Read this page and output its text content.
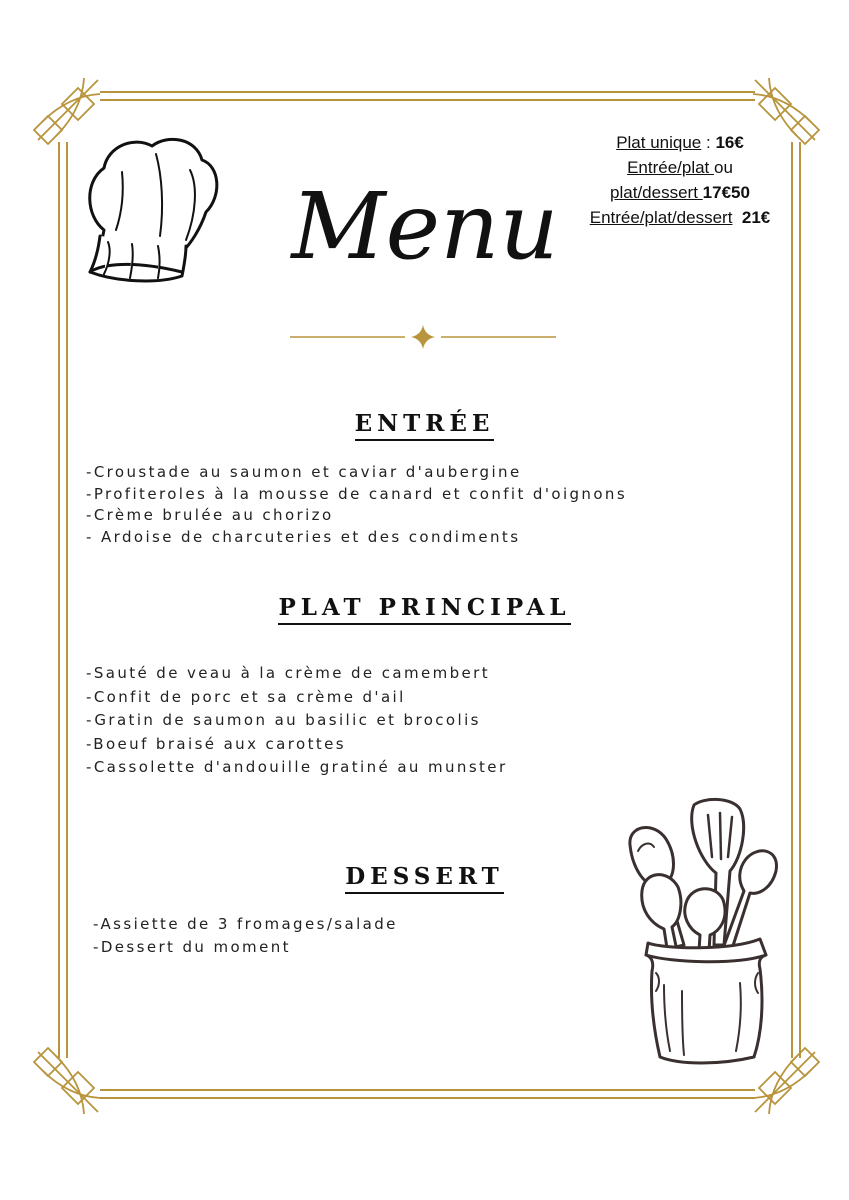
Menu
Plat unique : 16€
Entrée/plat ou
plat/dessert 17€50
Entrée/plat/dessert 21€
ENTRÉE
-Croustade au saumon et caviar d'aubergine
-Profiteroles à la mousse de canard et confit d'oignons
-Crème brulée au chorizo
- Ardoise de charcuteries et des condiments
PLAT PRINCIPAL
-Sauté de veau à la crème de camembert
-Confit de porc et sa crème d'ail
-Gratin de saumon au basilic et brocolis
-Boeuf braisé aux carottes
-Cassolette d'andouille gratiné au munster
DESSERT
-Assiette de 3 fromages/salade
-Dessert du moment
